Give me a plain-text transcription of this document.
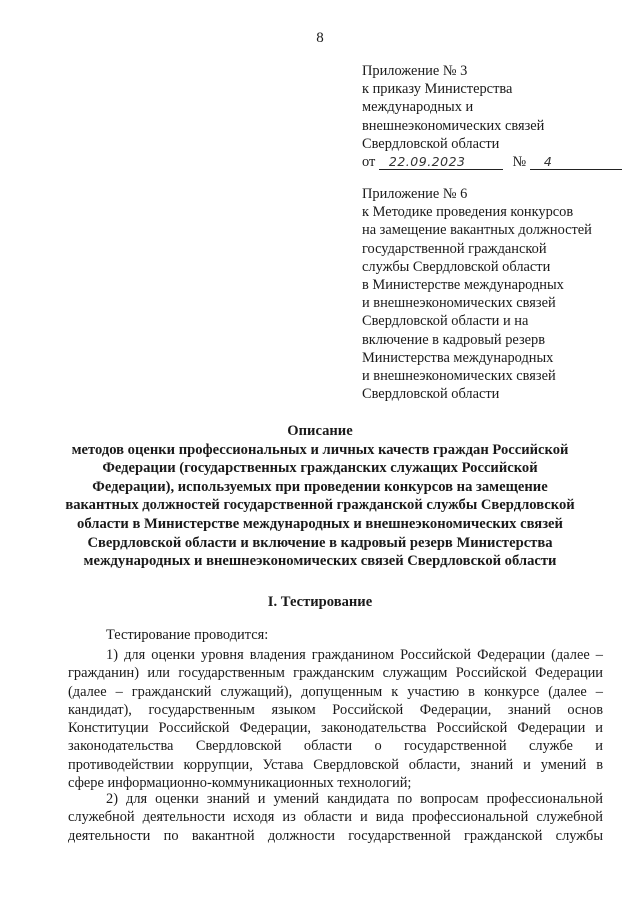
8
Приложение № 3
к приказу Министерства
международных и
внешнеэкономических связей
Свердловской области
от 22.09.2023	№ 4
Приложение № 6
к Методике проведения конкурсов
на замещение вакантных должностей
государственной гражданской
службы Свердловской области
в Министерстве международных
и внешнеэкономических связей
Свердловской области и на
включение в кадровый резерв
Министерства международных
и внешнеэкономических связей
Свердловской области
Описание
методов оценки профессиональных и личных качеств граждан Российской
Федерации (государственных гражданских служащих Российской
Федерации), используемых при проведении конкурсов на замещение
вакантных должностей государственной гражданской службы Свердловской
области в Министерстве международных и внешнеэкономических связей
Свердловской области и включение в кадровый резерв Министерства
международных и внешнеэкономических связей Свердловской области
I. Тестирование
Тестирование проводится:
1) для оценки уровня владения гражданином Российской Федерации (далее –
гражданин) или государственным гражданским служащим Российской Федерации
(далее – гражданский служащий), допущенным к участию в конкурсе (далее –
кандидат), государственным языком Российской Федерации, знаний основ
Конституции Российской Федерации, законодательства Российской Федерации и
законодательства Свердловской области о государственной службе и
противодействии коррупции, Устава Свердловской области, знаний и умений в
сфере информационно-коммуникационных технологий;
2) для оценки знаний и умений кандидата по вопросам профессиональной
служебной деятельности исходя из области и вида профессиональной служебной
деятельности по вакантной должности государственной гражданской службы
